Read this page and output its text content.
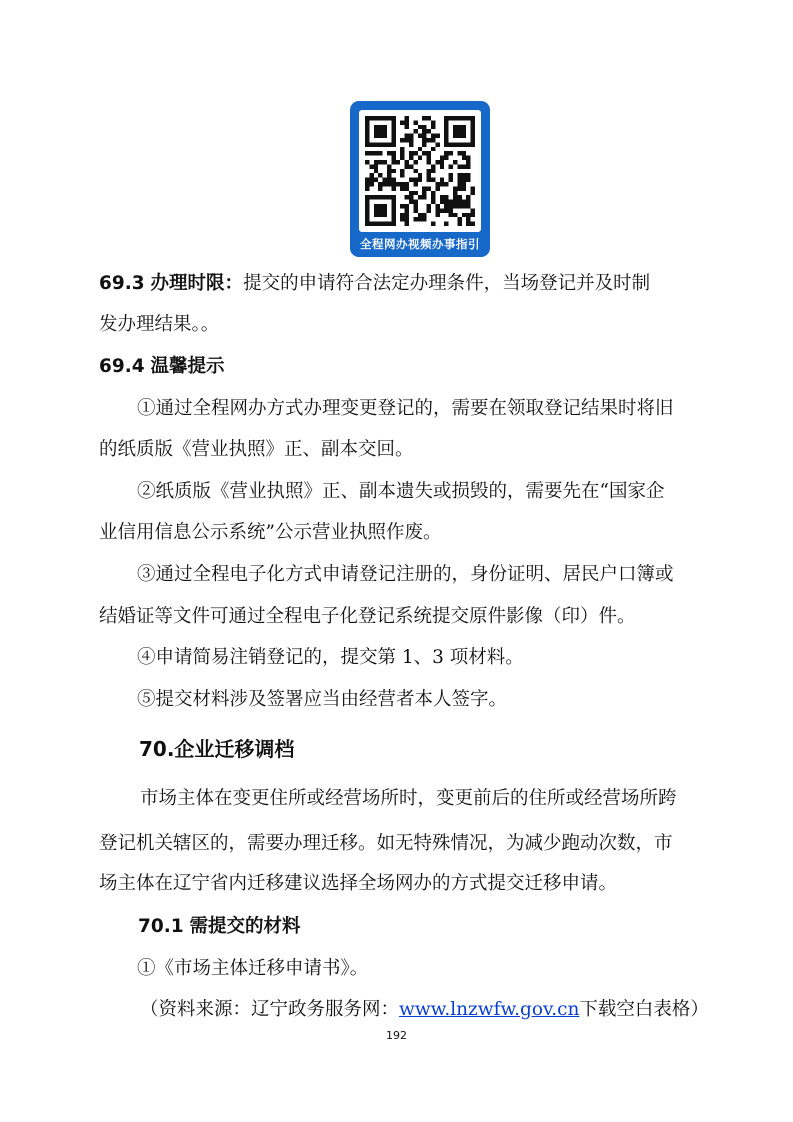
全程网办视频办事指引
69.3 办理时限：提交的申请符合法定办理条件，当场登记并及时制
发办理结果。。
69.4 温馨提示
①通过全程网办方式办理变更登记的，需要在领取登记结果时将旧
的纸质版《营业执照》正、副本交回。
②纸质版《营业执照》正、副本遗失或损毁的，需要先在“国家企
业信用信息公示系统”公示营业执照作废。
③通过全程电子化方式申请登记注册的，身份证明、居民户口簿或
结婚证等文件可通过全程电子化登记系统提交原件影像（印）件。
④申请简易注销登记的，提交第 1、3 项材料。
⑤提交材料涉及签署应当由经营者本人签字。
70.企业迁移调档
市场主体在变更住所或经营场所时，变更前后的住所或经营场所跨
登记机关辖区的，需要办理迁移。如无特殊情况，为减少跑动次数，市
场主体在辽宁省内迁移建议选择全场网办的方式提交迁移申请。
70.1 需提交的材料
①《市场主体迁移申请书》。
（资料来源：辽宁政务服务网：www.lnzwfw.gov.cn下载空白表格）
192
